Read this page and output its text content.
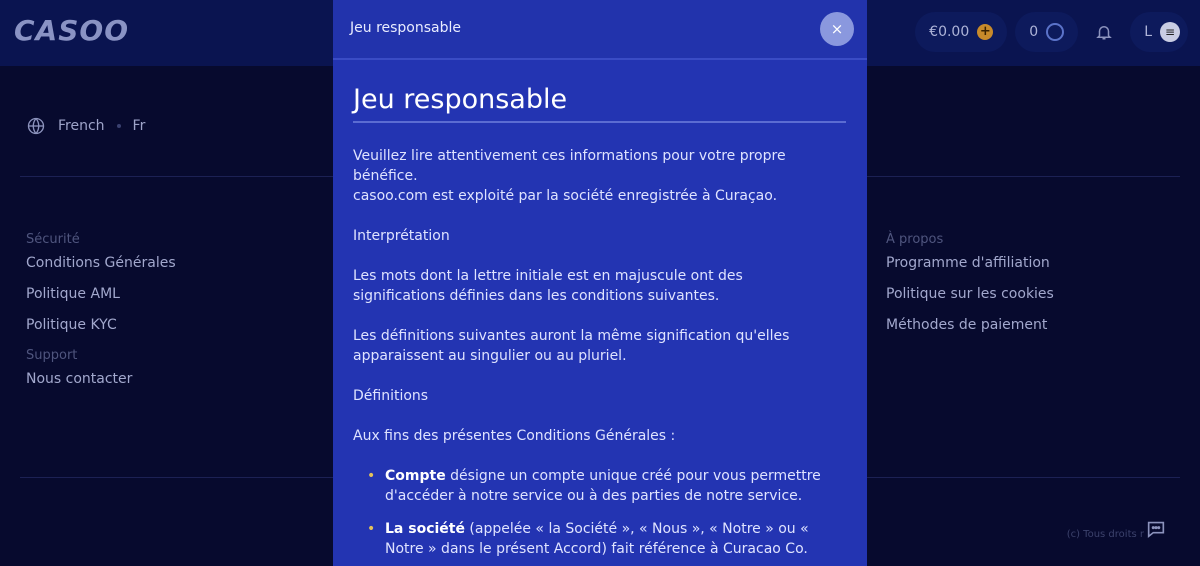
CASOO	€0.00 +	0	L	≡
French Fr
Sécurité
Conditions Générales
Politique AML
Politique KYC
Support
Nous contacter
À propos
Programme d'affiliation
Politique sur les cookies
Méthodes de paiement
(c) Tous droits r
Jeu responsable	×
Jeu responsable

Veuillez lire attentivement ces informations pour votre propre bénéfice.

casoo.com est exploité par la société enregistrée à Curaçao.

Interprétation

Les mots dont la lettre initiale est en majuscule ont des significations définies dans les conditions suivantes.

Les définitions suivantes auront la même signification qu'elles apparaissent au singulier ou au pluriel.

Définitions

Aux fins des présentes Conditions Générales :

• Compte désigne un compte unique créé pour vous permettre d'accéder à notre service ou à des parties de notre service.
• La société (appelée « la Société », « Nous », « Notre » ou « Notre » dans le présent Accord) fait référence à Curacao Co.
